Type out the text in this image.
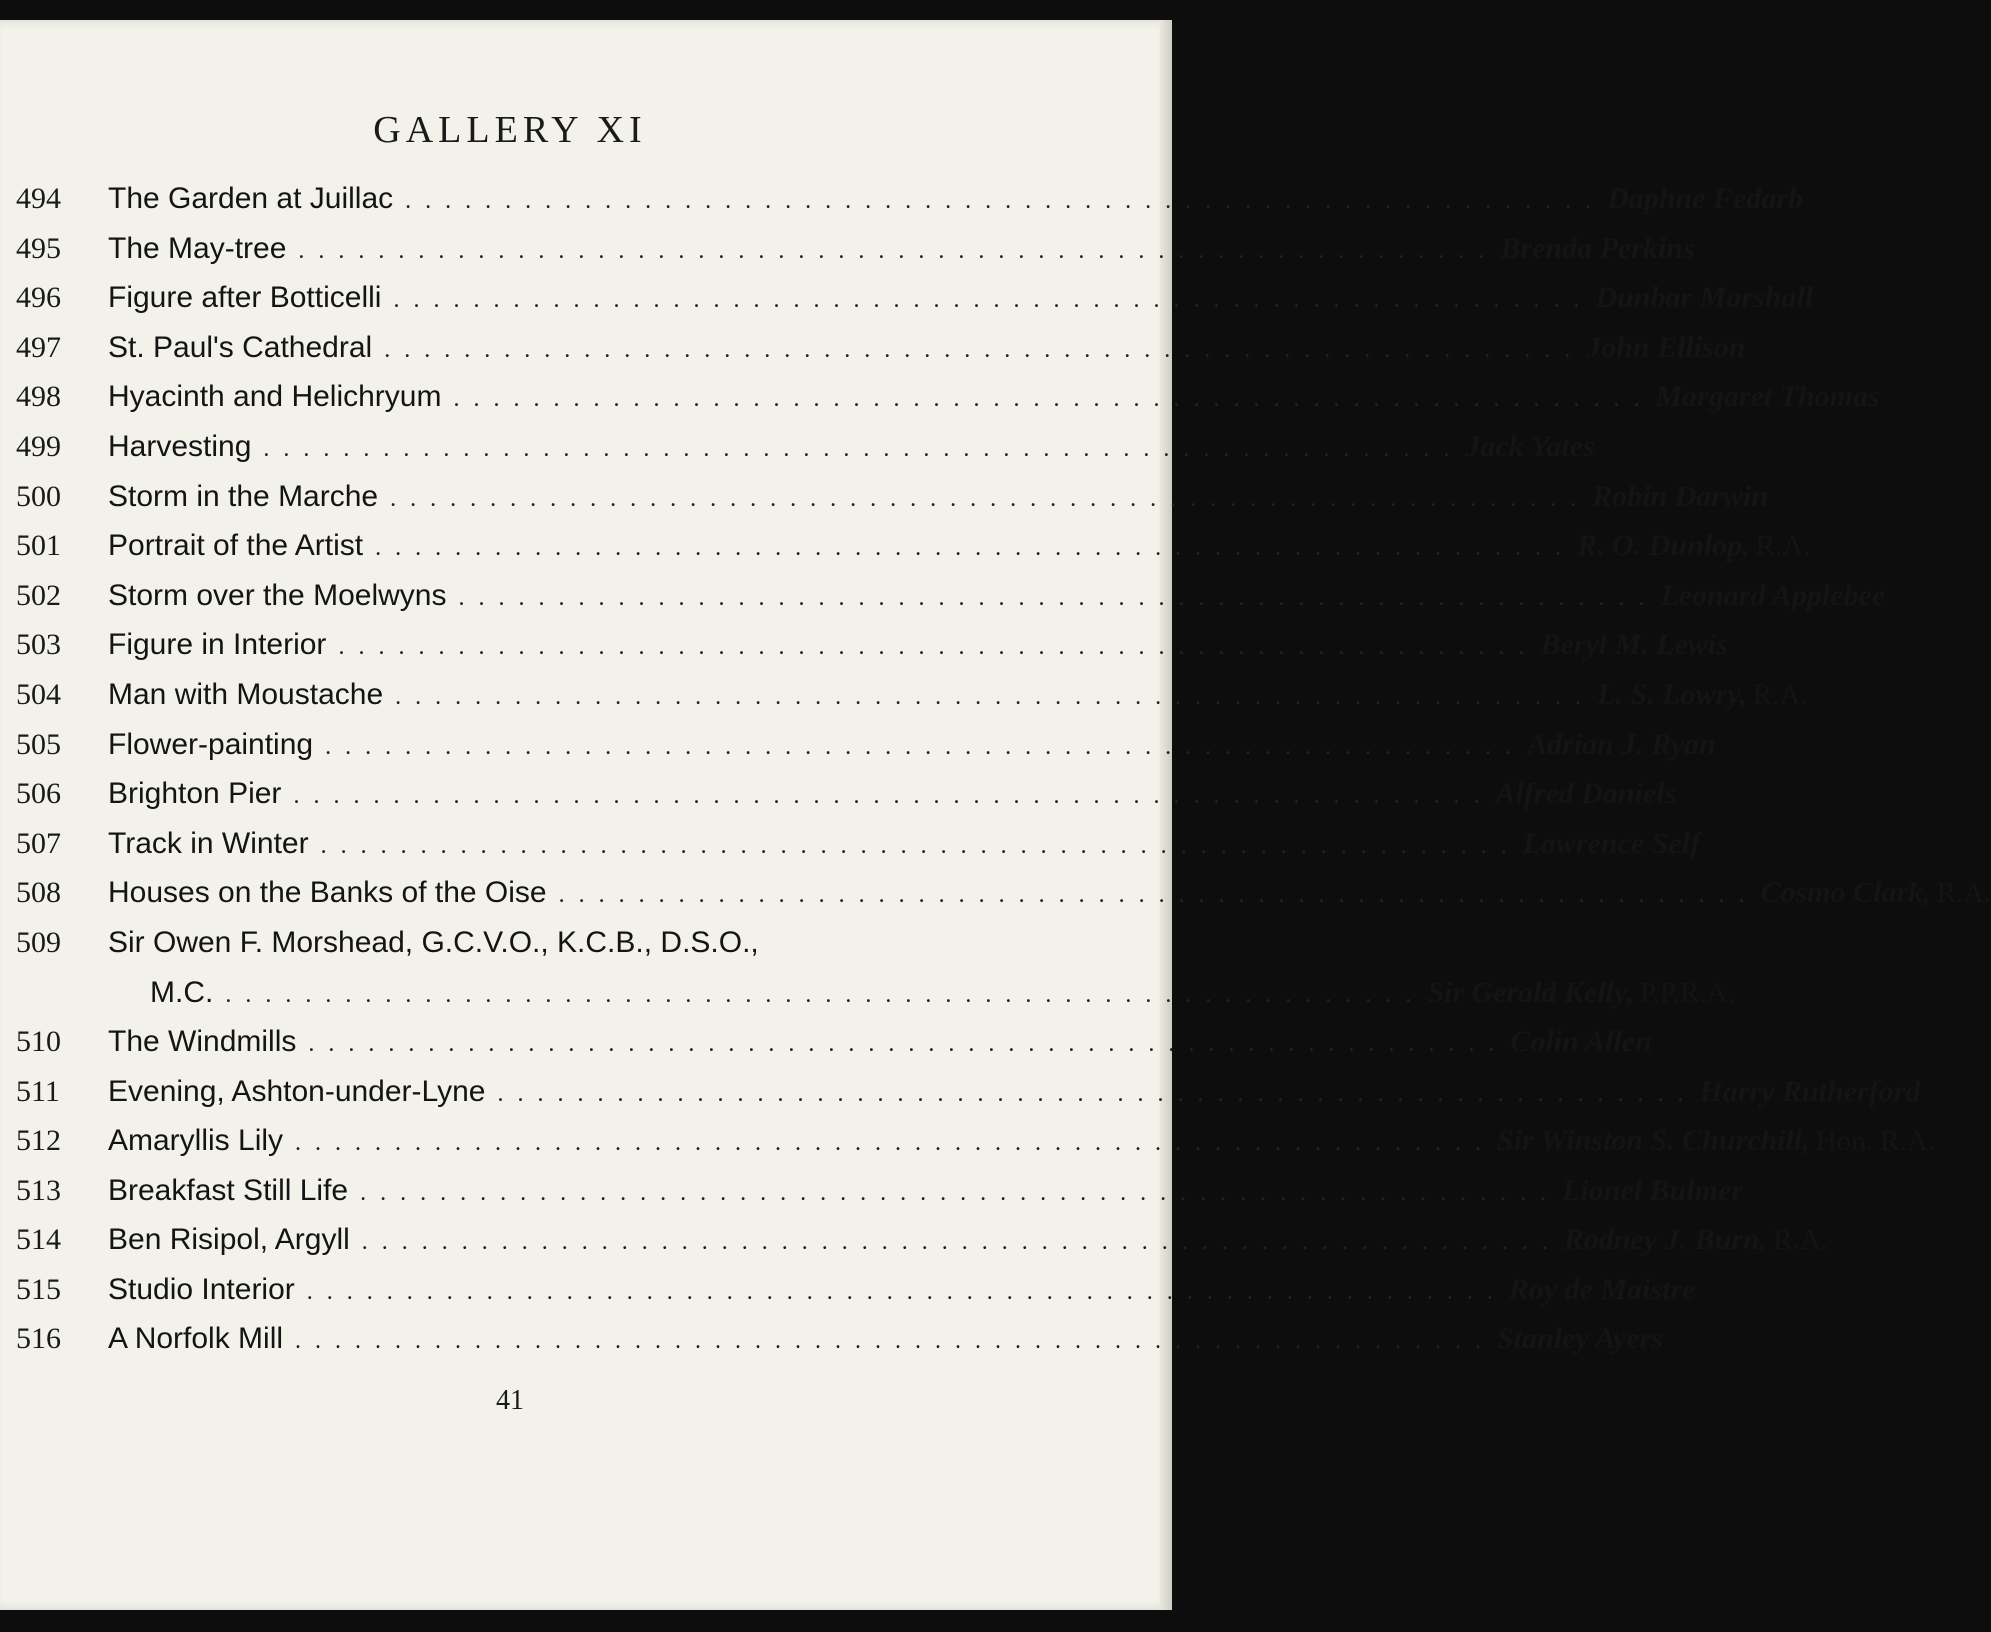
GALLERY XI
494	The Garden at Juillac . . . . . . . . . . . . . . . . . . . . . . . . . . . . . . . . . . . . . . . . . . . . . . . . . . . . . . . . . . . . Daphne Fedarb
495	The May-tree . . . . . . . . . . . . . . . . . . . . . . . . . . . . . . . . . . . . . . . . . . . . . . . . . . . . . . . . . . . . Brenda Perkins
496	Figure after Botticelli . . . . . . . . . . . . . . . . . . . . . . . . . . . . . . . . . . . . . . . . . . . . . . . . . . . . . . . . . . . . Dunbar Marshall
497	St. Paul's Cathedral . . . . . . . . . . . . . . . . . . . . . . . . . . . . . . . . . . . . . . . . . . . . . . . . . . . . . . . . . . . . John Ellison
498	Hyacinth and Helichryum . . . . . . . . . . . . . . . . . . . . . . . . . . . . . . . . . . . . . . . . . . . . . . . . . . . . . . . . . . . . Margaret Thomas
499	Harvesting . . . . . . . . . . . . . . . . . . . . . . . . . . . . . . . . . . . . . . . . . . . . . . . . . . . . . . . . . . . . Jack Yates
500	Storm in the Marche . . . . . . . . . . . . . . . . . . . . . . . . . . . . . . . . . . . . . . . . . . . . . . . . . . . . . . . . . . . . Robin Darwin
501	Portrait of the Artist . . . . . . . . . . . . . . . . . . . . . . . . . . . . . . . . . . . . . . . . . . . . . . . . . . . . . . . . . . . . R. O. Dunlop, R.A.
502	Storm over the Moelwyns . . . . . . . . . . . . . . . . . . . . . . . . . . . . . . . . . . . . . . . . . . . . . . . . . . . . . . . . . . . . Leonard Applebee
503	Figure in Interior . . . . . . . . . . . . . . . . . . . . . . . . . . . . . . . . . . . . . . . . . . . . . . . . . . . . . . . . . . . . Beryl M. Lewis
504	Man with Moustache . . . . . . . . . . . . . . . . . . . . . . . . . . . . . . . . . . . . . . . . . . . . . . . . . . . . . . . . . . . . L. S. Lowry, R.A.
505	Flower-painting . . . . . . . . . . . . . . . . . . . . . . . . . . . . . . . . . . . . . . . . . . . . . . . . . . . . . . . . . . . . Adrian J. Ryan
506	Brighton Pier . . . . . . . . . . . . . . . . . . . . . . . . . . . . . . . . . . . . . . . . . . . . . . . . . . . . . . . . . . . . Alfred Daniels
507	Track in Winter . . . . . . . . . . . . . . . . . . . . . . . . . . . . . . . . . . . . . . . . . . . . . . . . . . . . . . . . . . . . Lawrence Self
508	Houses on the Banks of the Oise . . . . . . . . . . . . . . . . . . . . . . . . . . . . . . . . . . . . . . . . . . . . . . . . . . . . . . . . . . . . Cosmo Clark, R.A.
509	Sir Owen F. Morshead, G.C.V.O., K.C.B., D.S.O.,
M.C. . . . . . . . . . . . . . . . . . . . . . . . . . . . . . . . . . . . . . . . . . . . . . . . . . . . . . . . . . . . . Sir Gerald Kelly, P.P.R.A.
510	The Windmills . . . . . . . . . . . . . . . . . . . . . . . . . . . . . . . . . . . . . . . . . . . . . . . . . . . . . . . . . . . . Colin Allen
511	Evening, Ashton-under-Lyne . . . . . . . . . . . . . . . . . . . . . . . . . . . . . . . . . . . . . . . . . . . . . . . . . . . . . . . . . . . . Harry Rutherford
512	Amaryllis Lily . . . . . . . . . . . . . . . . . . . . . . . . . . . . . . . . . . . . . . . . . . . . . . . . . . . . . . . . . . . . Sir Winston S. Churchill, Hon. R.A.
513	Breakfast Still Life . . . . . . . . . . . . . . . . . . . . . . . . . . . . . . . . . . . . . . . . . . . . . . . . . . . . . . . . . . . . Lionel Bulmer
514	Ben Risipol, Argyll . . . . . . . . . . . . . . . . . . . . . . . . . . . . . . . . . . . . . . . . . . . . . . . . . . . . . . . . . . . . Rodney J. Burn, R.A.
515	Studio Interior . . . . . . . . . . . . . . . . . . . . . . . . . . . . . . . . . . . . . . . . . . . . . . . . . . . . . . . . . . . . Roy de Maistre
516	A Norfolk Mill . . . . . . . . . . . . . . . . . . . . . . . . . . . . . . . . . . . . . . . . . . . . . . . . . . . . . . . . . . . . Stanley Ayers
41
